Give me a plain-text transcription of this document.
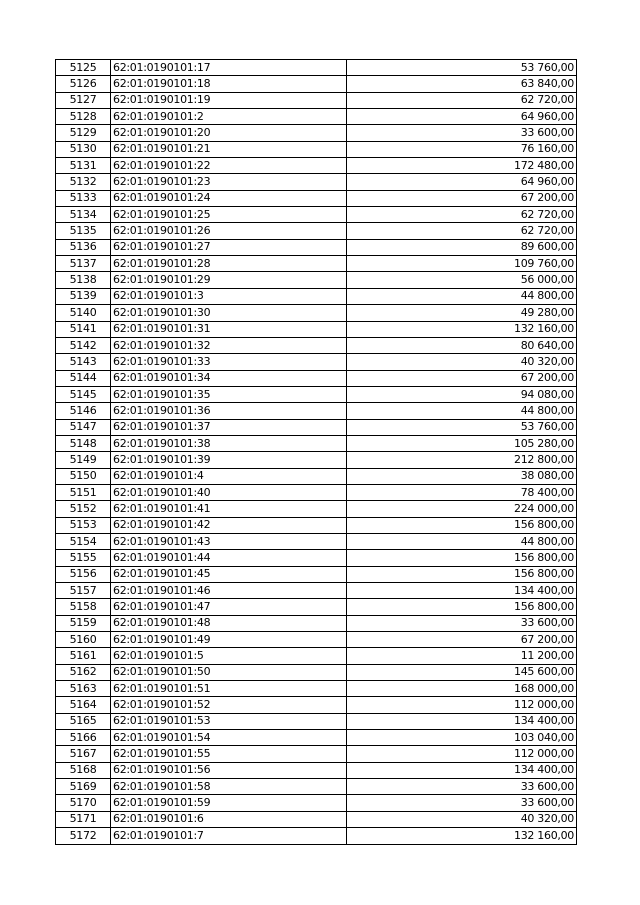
5125	62:01:0190101:17	53 760,00
5126	62:01:0190101:18	63 840,00
5127	62:01:0190101:19	62 720,00
5128	62:01:0190101:2	64 960,00
5129	62:01:0190101:20	33 600,00
5130	62:01:0190101:21	76 160,00
5131	62:01:0190101:22	172 480,00
5132	62:01:0190101:23	64 960,00
5133	62:01:0190101:24	67 200,00
5134	62:01:0190101:25	62 720,00
5135	62:01:0190101:26	62 720,00
5136	62:01:0190101:27	89 600,00
5137	62:01:0190101:28	109 760,00
5138	62:01:0190101:29	56 000,00
5139	62:01:0190101:3	44 800,00
5140	62:01:0190101:30	49 280,00
5141	62:01:0190101:31	132 160,00
5142	62:01:0190101:32	80 640,00
5143	62:01:0190101:33	40 320,00
5144	62:01:0190101:34	67 200,00
5145	62:01:0190101:35	94 080,00
5146	62:01:0190101:36	44 800,00
5147	62:01:0190101:37	53 760,00
5148	62:01:0190101:38	105 280,00
5149	62:01:0190101:39	212 800,00
5150	62:01:0190101:4	38 080,00
5151	62:01:0190101:40	78 400,00
5152	62:01:0190101:41	224 000,00
5153	62:01:0190101:42	156 800,00
5154	62:01:0190101:43	44 800,00
5155	62:01:0190101:44	156 800,00
5156	62:01:0190101:45	156 800,00
5157	62:01:0190101:46	134 400,00
5158	62:01:0190101:47	156 800,00
5159	62:01:0190101:48	33 600,00
5160	62:01:0190101:49	67 200,00
5161	62:01:0190101:5	11 200,00
5162	62:01:0190101:50	145 600,00
5163	62:01:0190101:51	168 000,00
5164	62:01:0190101:52	112 000,00
5165	62:01:0190101:53	134 400,00
5166	62:01:0190101:54	103 040,00
5167	62:01:0190101:55	112 000,00
5168	62:01:0190101:56	134 400,00
5169	62:01:0190101:58	33 600,00
5170	62:01:0190101:59	33 600,00
5171	62:01:0190101:6	40 320,00
5172	62:01:0190101:7	132 160,00
